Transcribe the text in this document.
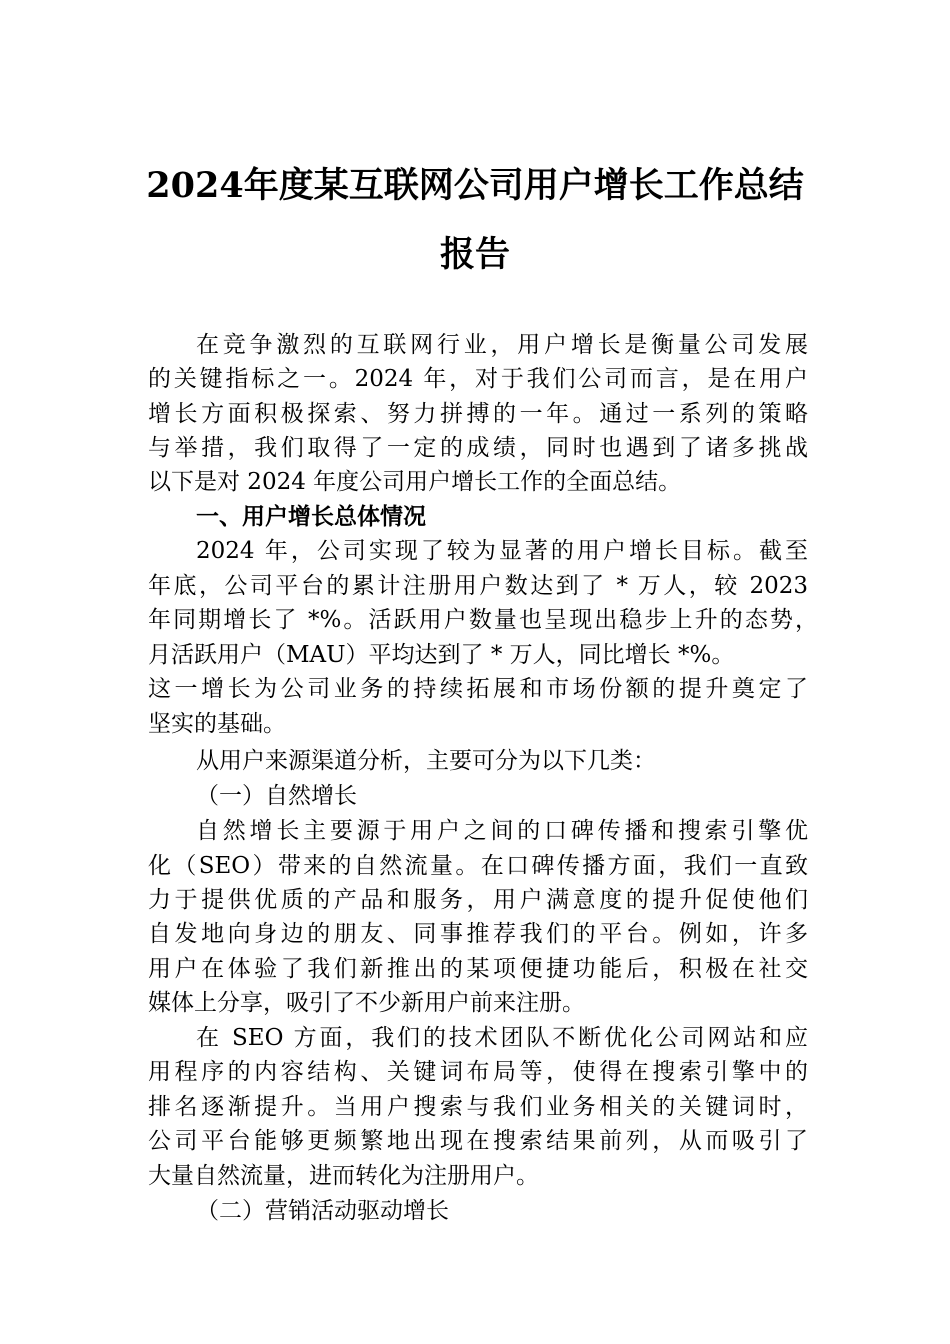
2024年度某互联网公司用户增长工作总结
报告
在竞争激烈的互联网行业，用户增长是衡量公司发展
的关键指标之一。2024 年，对于我们公司而言，是在用户
增长方面积极探索、努力拼搏的一年。通过一系列的策略
与举措，我们取得了一定的成绩，同时也遇到了诸多挑战
以下是对 2024 年度公司用户增长工作的全面总结。
一、用户增长总体情况
2024 年，公司实现了较为显著的用户增长目标。截至
年底，公司平台的累计注册用户数达到了 * 万人，较 2023
年同期增长了 *%。活跃用户数量也呈现出稳步上升的态势，
月活跃用户（MAU）平均达到了 * 万人，同比增长 *%。
这一增长为公司业务的持续拓展和市场份额的提升奠定了
坚实的基础。
从用户来源渠道分析，主要可分为以下几类：
（一）自然增长
自然增长主要源于用户之间的口碑传播和搜索引擎优
化（SEO）带来的自然流量。在口碑传播方面，我们一直致
力于提供优质的产品和服务，用户满意度的提升促使他们
自发地向身边的朋友、同事推荐我们的平台。例如，许多
用户在体验了我们新推出的某项便捷功能后，积极在社交
媒体上分享，吸引了不少新用户前来注册。
在 SEO 方面，我们的技术团队不断优化公司网站和应
用程序的内容结构、关键词布局等，使得在搜索引擎中的
排名逐渐提升。当用户搜索与我们业务相关的关键词时，
公司平台能够更频繁地出现在搜索结果前列，从而吸引了
大量自然流量，进而转化为注册用户。
（二）营销活动驱动增长
